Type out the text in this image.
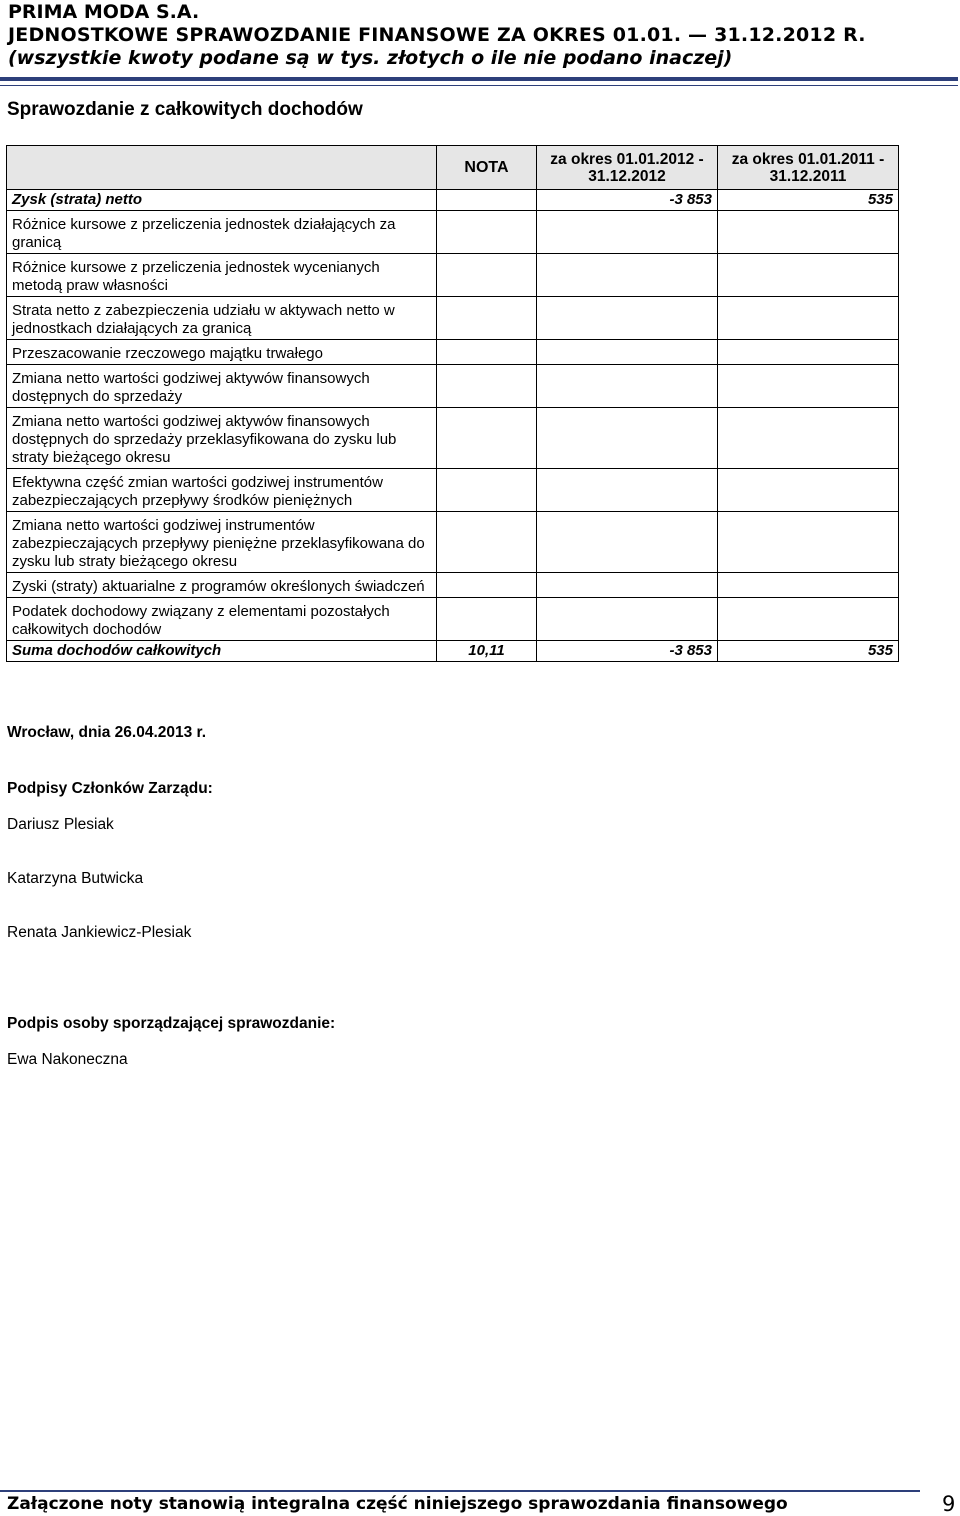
PRIMA MODA S.A.
JEDNOSTKOWE SPRAWOZDANIE FINANSOWE ZA OKRES 01.01. — 31.12.2012 R.
(wszystkie kwoty podane są w tys. złotych o ile nie podano inaczej)
Sprawozdanie z całkowitych dochodów
	NOTA	za okres 01.01.2012 - 31.12.2012	za okres 01.01.2011 - 31.12.2011
Zysk (strata) netto		-3 853	535
Różnice kursowe z przeliczenia jednostek działających za granicą			
Różnice kursowe z przeliczenia jednostek wycenianych metodą praw własności			
Strata netto z zabezpieczenia udziału w aktywach netto w jednostkach działających za granicą			
Przeszacowanie rzeczowego majątku trwałego			
Zmiana netto wartości godziwej aktywów finansowych dostępnych do sprzedaży			
Zmiana netto wartości godziwej aktywów finansowych dostępnych do sprzedaży przeklasyfikowana do zysku lub straty bieżącego okresu			
Efektywna część zmian wartości godziwej instrumentów zabezpieczających przepływy środków pieniężnych			
Zmiana netto wartości godziwej instrumentów zabezpieczających przepływy pieniężne przeklasyfikowana do zysku lub straty bieżącego okresu			
Zyski (straty) aktuarialne z programów określonych świadczeń			
Podatek dochodowy związany z elementami pozostałych całkowitych dochodów			
Suma dochodów całkowitych	10,11	-3 853	535
Wrocław, dnia 26.04.2013 r.
Podpisy Członków Zarządu:
Dariusz Plesiak
Katarzyna Butwicka
Renata Jankiewicz-Plesiak
Podpis osoby sporządzającej sprawozdanie:
Ewa Nakoneczna
Załączone noty stanowią integralna część niniejszego sprawozdania finansowego	9
